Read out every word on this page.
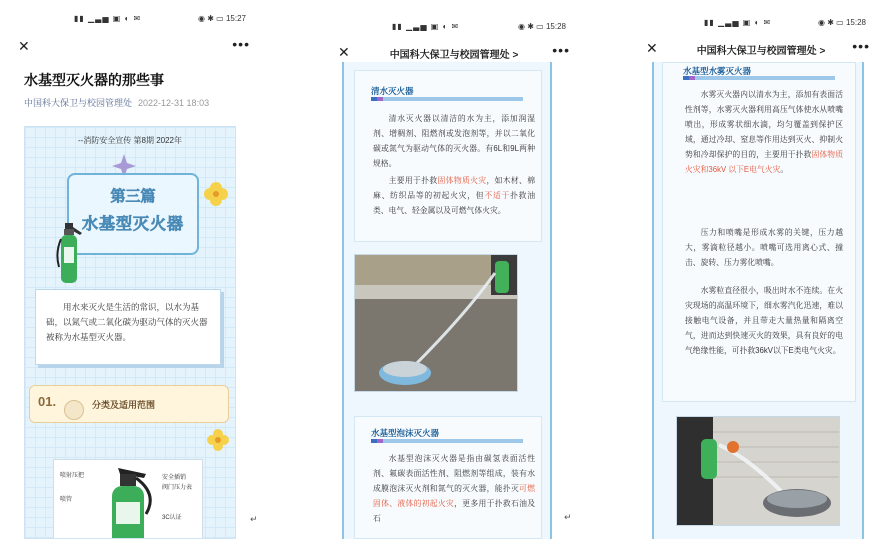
▮▮ ▁▃▅ ▣ ◐ ✉	◉ ✱ ▭ 15:27
✕	•••
水基型灭火器的那些事
中国科大保卫与校园管理处 2022-12-31 18:03
--消防安全宣传 第8期 2022年
第三篇
水基型灭火器
用水来灭火是生活的常识，以水为基础，以氮气或二氧化碳为驱动气体的灭火器被称为水基型灭火器。
01.	分类及适用范围
喷射压把	安全插销
阀门压力表
喷管
3C认证	↵
▮▮ ▁▃▅ ▣ ◐ ✉	◉ ✱ ▭ 15:28
✕	中国科大保卫与校园管理处 >	•••
清水灭火器
清水灭火器以清洁的水为主，添加润湿剂、增稠剂、阻燃剂或发泡剂等，并以二氧化碳或氮气为驱动气体的灭火器。有6L和9L两种规格。
主要用于扑救固体物质火灾，如木材、棉麻、纺织品等的初起火灾，但不适于扑救油类、电气、轻金属以及可燃气体火灾。
水基型泡沫灭火器
水基型泡沫灭火器是指由碳氢表面活性剂、氟碳表面活性剂、阻燃剂等组成，装有水成膜泡沫灭火剂和氮气的灭火器，能扑灭可燃固体、液体的初起火灾，更多用于扑救石油及石	↵
▮▮ ▁▃▅ ▣ ◐ ✉	◉ ✱ ▭ 15:28
✕	中国科大保卫与校园管理处 >	•••
水基型水雾灭火器
水雾灭火器内以清水为主，添加有表面活性剂等，水雾灭火器利用高压气体使水从喷嘴喷出，形成雾状细水滴，均匀覆盖到保护区域，通过冷却、窒息等作用达到灭火、抑制火势和冷却保护的目的，主要用于扑救固体物质火灾和36kV 以下E电气火灾。
压力和喷嘴是形成水雾的关键，压力越大，雾滴粒径越小。喷嘴可选用离心式、撞击、旋转、压力雾化喷嘴。
水雾粒直径很小，吸出时水不连续。在火灾现场的高温环境下，细水雾汽化迅速，难以接触电气设备，并且带走大量热量和隔离空气，进而达到快速灭火的效果，具有良好的电气绝缘性能，可扑救36kV以下E类电气火灾。
